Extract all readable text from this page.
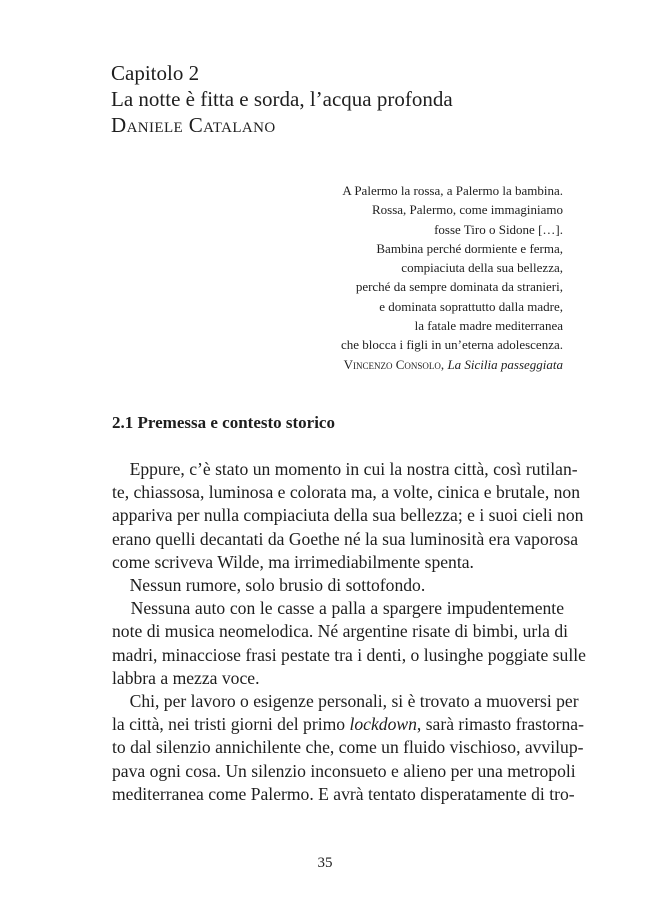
Capitolo 2
La notte è fitta e sorda, l’acqua profonda
Daniele Catalano
A Palermo la rossa, a Palermo la bambina.
Rossa, Palermo, come immaginiamo
fosse Tiro o Sidone […].
Bambina perché dormiente e ferma,
compiaciuta della sua bellezza,
perché da sempre dominata da stranieri,
e dominata soprattutto dalla madre,
la fatale madre mediterranea
che blocca i figli in un’eterna adolescenza.
Vincenzo Consolo, La Sicilia passeggiata
2.1 Premessa e contesto storico
Eppure, c’è stato un momento in cui la nostra città, così rutilan-
te, chiassosa, luminosa e colorata ma, a volte, cinica e brutale, non
appariva per nulla compiaciuta della sua bellezza; e i suoi cieli non
erano quelli decantati da Goethe né la sua luminosità era vaporosa
come scriveva Wilde, ma irrimediabilmente spenta.
Nessun rumore, solo brusio di sottofondo.
Nessuna auto con le casse a palla a spargere impudentemente
note di musica neomelodica. Né argentine risate di bimbi, urla di
madri, minacciose frasi pestate tra i denti, o lusinghe poggiate sulle
labbra a mezza voce.
Chi, per lavoro o esigenze personali, si è trovato a muoversi per
la città, nei tristi giorni del primo lockdown, sarà rimasto frastorna-
to dal silenzio annichilente che, come un fluido vischioso, avvilup-
pava ogni cosa. Un silenzio inconsueto e alieno per una metropoli
mediterranea come Palermo. E avrà tentato disperatamente di tro-
35
